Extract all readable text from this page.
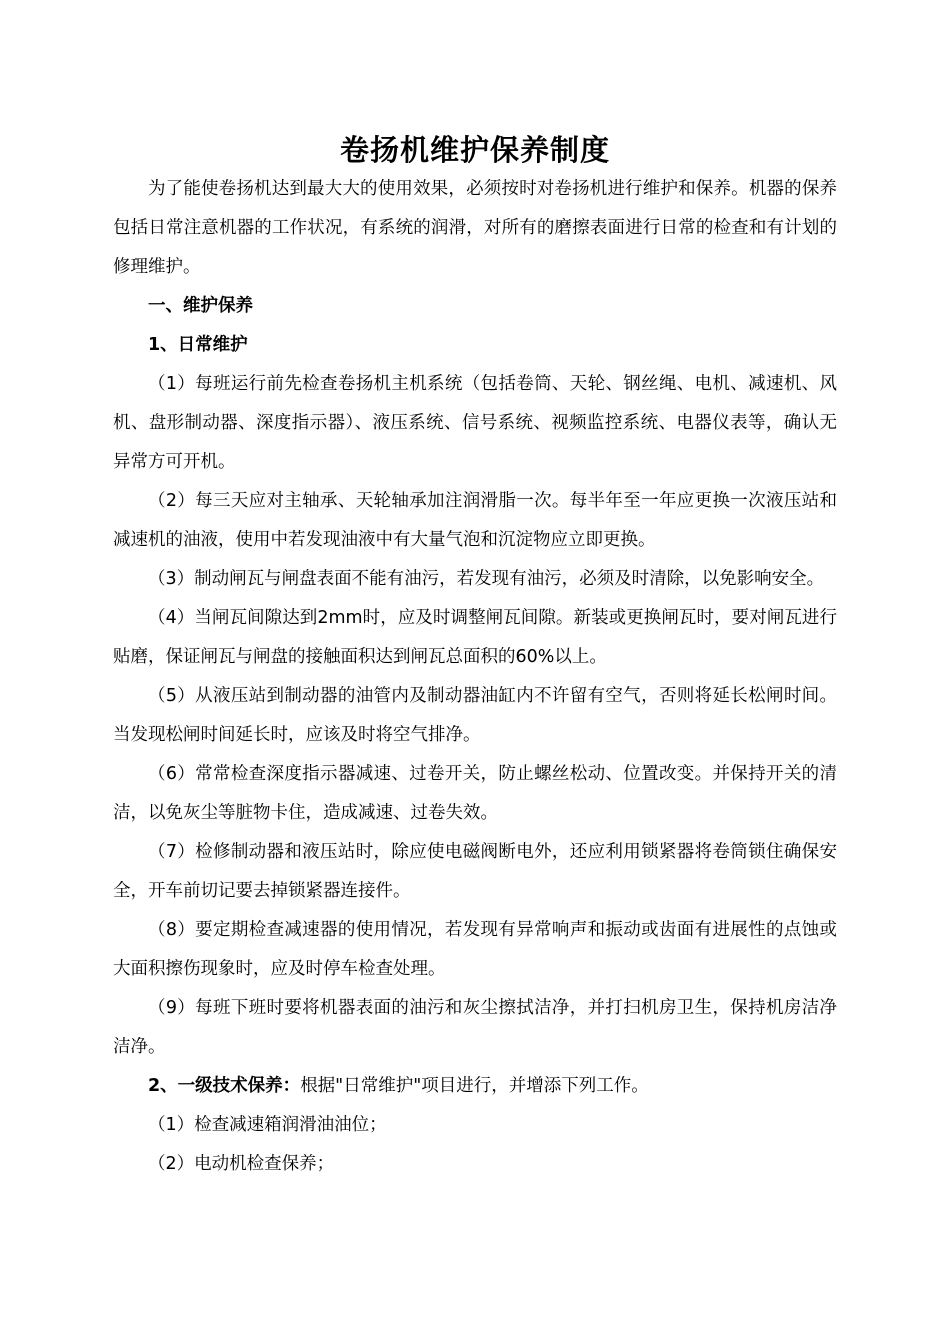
卷扬机维护保养制度

为了能使卷扬机达到最大大的使用效果，必须按时对卷扬机进行维护和保养。机器的保养包括日常注意机器的工作状况，有系统的润滑，对所有的磨擦表面进行日常的检查和有计划的修理维护。

一、维护保养

1、日常维护

（1）每班运行前先检查卷扬机主机系统（包括卷筒、天轮、钢丝绳、电机、减速机、风机、盘形制动器、深度指示器）、液压系统、信号系统、视频监控系统、电器仪表等，确认无异常方可开机。

（2）每三天应对主轴承、天轮轴承加注润滑脂一次。每半年至一年应更换一次液压站和减速机的油液，使用中若发现油液中有大量气泡和沉淀物应立即更换。

（3）制动闸瓦与闸盘表面不能有油污，若发现有油污，必须及时清除，以免影响安全。

（4）当闸瓦间隙达到2mm时，应及时调整闸瓦间隙。新装或更换闸瓦时，要对闸瓦进行贴磨，保证闸瓦与闸盘的接触面积达到闸瓦总面积的60%以上。

（5）从液压站到制动器的油管内及制动器油缸内不许留有空气，否则将延长松闸时间。当发现松闸时间延长时，应该及时将空气排净。

（6）常常检查深度指示器减速、过卷开关，防止螺丝松动、位置改变。并保持开关的清洁，以免灰尘等脏物卡住，造成减速、过卷失效。

（7）检修制动器和液压站时，除应使电磁阀断电外，还应利用锁紧器将卷筒锁住确保安全，开车前切记要去掉锁紧器连接件。

（8）要定期检查减速器的使用情况，若发现有异常响声和振动或齿面有进展性的点蚀或大面积擦伤现象时，应及时停车检查处理。

（9）每班下班时要将机器表面的油污和灰尘擦拭洁净，并打扫机房卫生，保持机房洁净洁净。

2、一级技术保养：根据"日常维护"项目进行，并增添下列工作。

（1）检查减速箱润滑油油位；

（2）电动机检查保养；
